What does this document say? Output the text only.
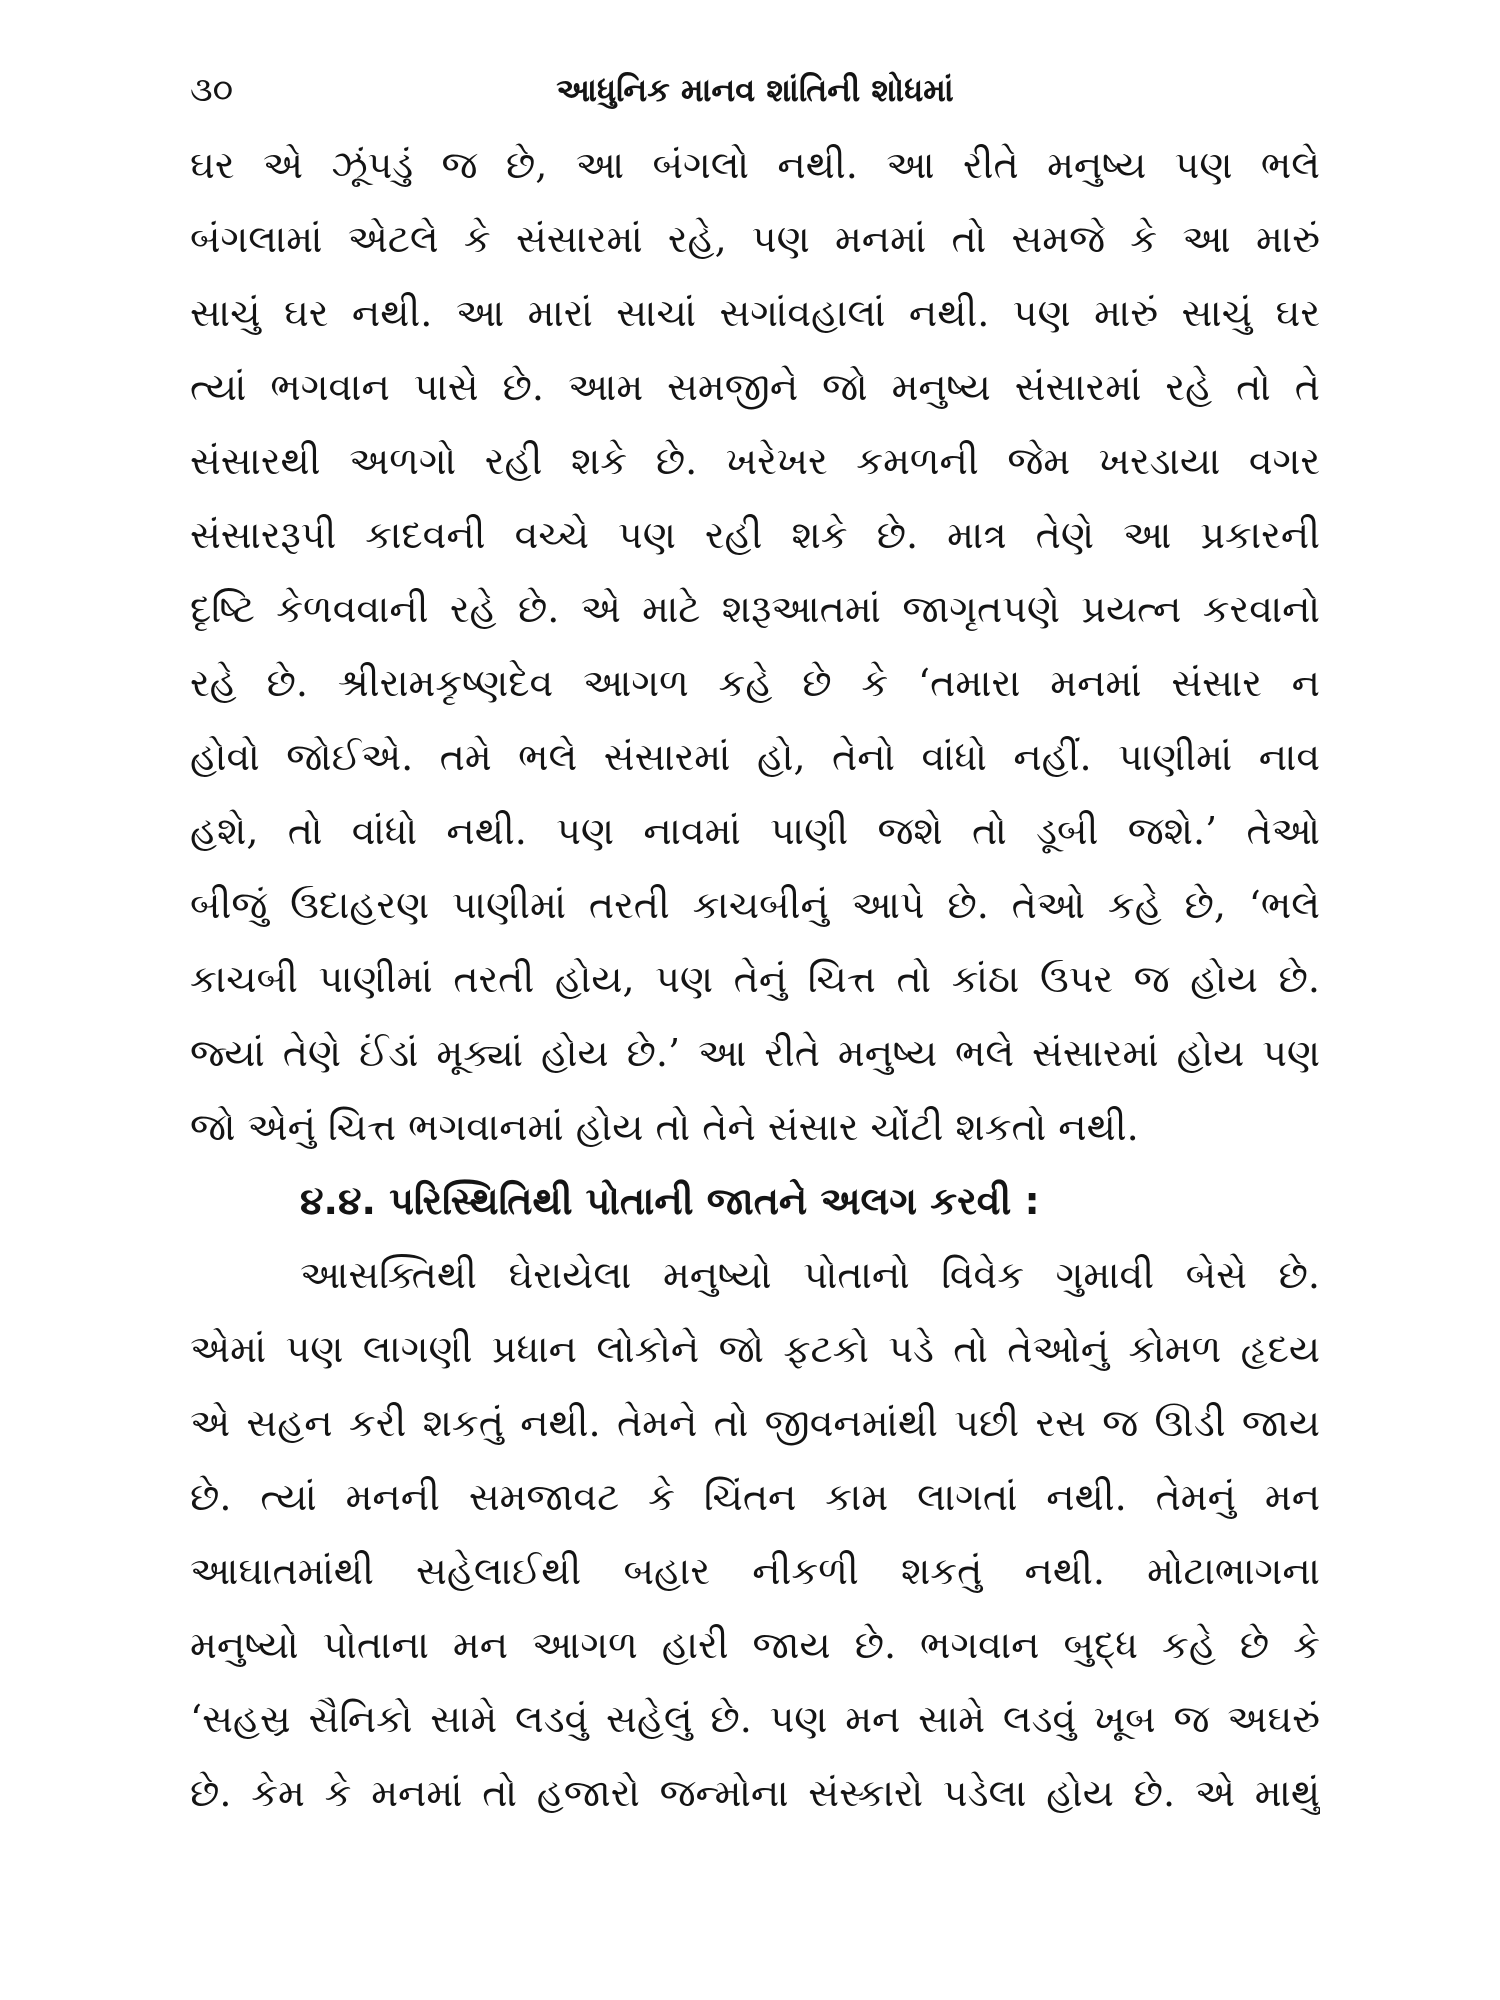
૩૦	આધુનિક માનવ શાંતિની શોધમાં
ઘર એ ઝૂંપડું જ છે, આ બંગલો નથી. આ રીતે મનુષ્ય પણ ભલે
બંગલામાં એટલે કે સંસારમાં રહે, પણ મનમાં તો સમજે કે આ મારું
સાચું ઘર નથી. આ મારાં સાચાં સગાંવહાલાં નથી. પણ મારું સાચું ઘર
ત્યાં ભગવાન પાસે છે. આમ સમજીને જો મનુષ્ય સંસારમાં રહે તો તે
સંસારથી અળગો રહી શકે છે. ખરેખર કમળની જેમ ખરડાયા વગર
સંસારરૂપી કાદવની વચ્ચે પણ રહી શકે છે. માત્ર તેણે આ પ્રકારની
દૃષ્ટિ કેળવવાની રહે છે. એ માટે શરૂઆતમાં જાગૃતપણે પ્રયત્ન કરવાનો
રહે છે. શ્રીરામકૃષ્ણદેવ આગળ કહે છે કે ‘તમારા મનમાં સંસાર ન
હોવો જોઈએ. તમે ભલે સંસારમાં હો, તેનો વાંધો નહીં. પાણીમાં નાવ
હશે, તો વાંધો નથી. પણ નાવમાં પાણી જશે તો ડૂબી જશે.’ તેઓ
બીજું ઉદાહરણ પાણીમાં તરતી કાચબીનું આપે છે. તેઓ કહે છે, ‘ભલે
કાચબી પાણીમાં તરતી હોય, પણ તેનું ચિત્ત તો કાંઠા ઉપર જ હોય છે.
જ્યાં તેણે ઈંડાં મૂક્યાં હોય છે.’ આ રીતે મનુષ્ય ભલે સંસારમાં હોય પણ
જો એનું ચિત્ત ભગવાનમાં હોય તો તેને સંસાર ચોંટી શકતો નથી.
૪.૪. પરિસ્થિતિથી પોતાની જાતને અલગ કરવી :
આસક્તિથી ઘેરાયેલા મનુષ્યો પોતાનો વિવેક ગુમાવી બેસે છે.
એમાં પણ લાગણી પ્રધાન લોકોને જો ફટકો પડે તો તેઓનું કોમળ હૃદય
એ સહન કરી શકતું નથી. તેમને તો જીવનમાંથી પછી રસ જ ઊડી જાય
છે. ત્યાં મનની સમજાવટ કે ચિંતન કામ લાગતાં નથી. તેમનું મન
આઘાતમાંથી સહેલાઈથી બહાર નીકળી શકતું નથી. મોટાભાગના
મનુષ્યો પોતાના મન આગળ હારી જાય છે. ભગવાન બુદ્ધ કહે છે કે
‘સહસ્ર સૈનિકો સામે લડવું સહેલું છે. પણ મન સામે લડવું ખૂબ જ અઘરું
છે. કેમ કે મનમાં તો હજારો જન્મોના સંસ્કારો પડેલા હોય છે. એ માથું
